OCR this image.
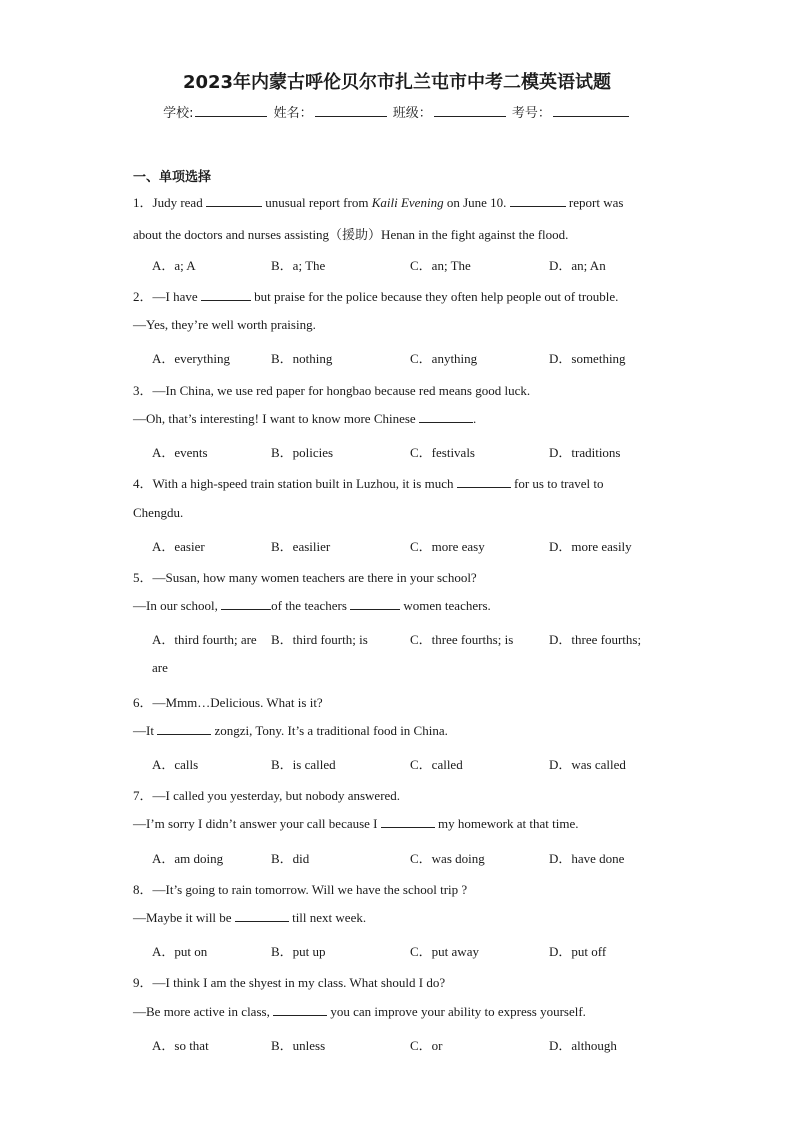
2023年内蒙古呼伦贝尔市扎兰屯市中考二模英语试题
学校:	姓名：	班级：	考号：
一、单项选择
1．Judy read	unusual report from Kaili Evening on June 10.	report was
about the doctors and nurses assisting（援助）Henan in the fight against the flood.
A．a; A	B．a; The	C．an; The	D．an; An
2．—I have	but praise for the police because they often help people out of trouble.
—Yes, they’re well worth praising.
A．everything	B．nothing	C．anything	D．something
3．—In China, we use red paper for hongbao because red means good luck.
—Oh, that’s interesting! I want to know more Chinese	.
A．events	B．policies	C．festivals	D．traditions
4．With a high-speed train station built in Luzhou, it is much	for us to travel to
Chengdu.
A．easier	B．easilier	C．more easy	D．more easily
5．—Susan, how many women teachers are there in your school?
—In our school,	of the teachers	women teachers.
A．third fourth; are B．third fourth; is	C．three fourths; is	D．three fourths;
are
6．—Mmm…Delicious. What is it?
—It	zongzi, Tony. It’s a traditional food in China.
A．calls	B．is called	C．called	D．was called
7．—I called you yesterday, but nobody answered.
—I’m sorry I didn’t answer your call because I	my homework at that time.
A．am doing	B．did	C．was doing	D．have done
8．—It’s going to rain tomorrow. Will we have the school trip ?
—Maybe it will be	till next week.
A．put on	B．put up	C．put away	D．put off
9．—I think I am the shyest in my class. What should I do?
—Be more active in class,	you can improve your ability to express yourself.
A．so that	B．unless	C．or	D．although
